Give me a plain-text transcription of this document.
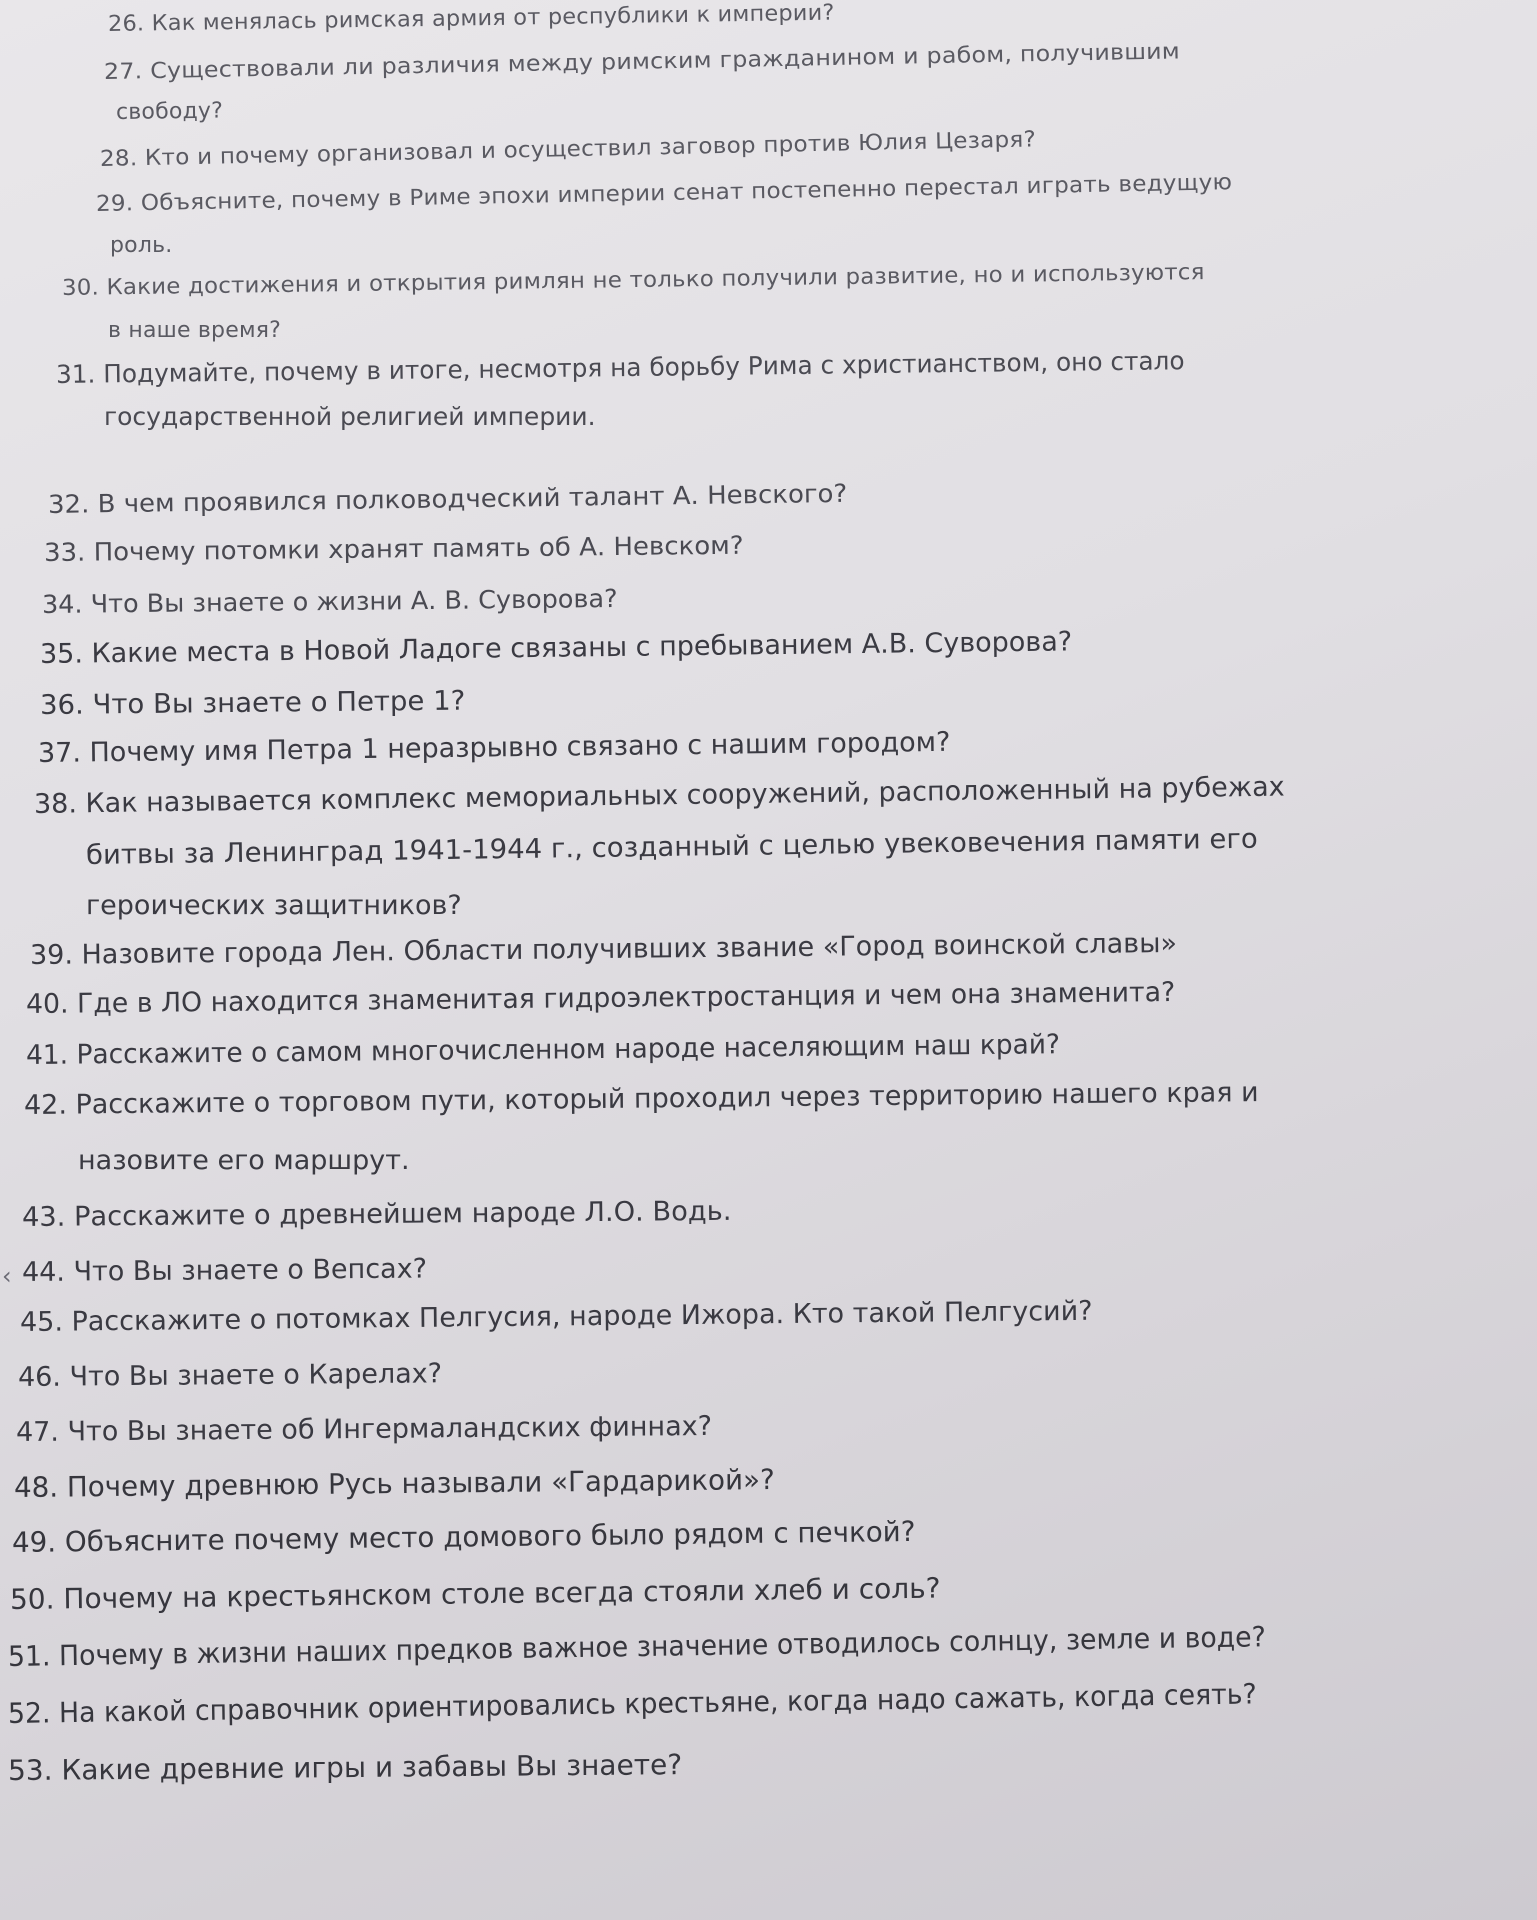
26. Как менялась римская армия от республики к империи?

27. Существовали ли различия между римским гражданином и рабом, получившим

свободу?

28. Кто и почему организовал и осуществил заговор против Юлия Цезаря?

29. Объясните, почему в Риме эпохи империи сенат постепенно перестал играть ведущую

роль.

30. Какие достижения и открытия римлян не только получили развитие, но и используются

в наше время?

31. Подумайте, почему в итоге, несмотря на борьбу Рима с христианством, оно стало

государственной религией империи.

32. В чем проявился полководческий талант А. Невского?

33. Почему потомки хранят память об А. Невском?

34. Что Вы знаете о жизни А. В. Суворова?

35. Какие места в Новой Ладоге связаны с пребыванием А.В. Суворова?

36. Что Вы знаете о Петре 1?

37. Почему имя Петра 1 неразрывно связано с нашим городом?

38. Как называется комплекс мемориальных сооружений, расположенный на рубежах

битвы за Ленинград 1941-1944 г., созданный с целью увековечения памяти его

героических защитников?

39. Назовите города Лен. Области получивших звание «Город воинской славы»

40. Где в ЛО находится знаменитая гидроэлектростанция и чем она знаменита?

41. Расскажите о самом многочисленном народе населяющим наш край?

42. Расскажите о торговом пути, который проходил через территорию нашего края и

назовите его маршрут.

43. Расскажите о древнейшем народе Л.О. Водь.

44. Что Вы знаете о Вепсах?

45. Расскажите о потомках Пелгусия, народе Ижора. Кто такой Пелгусий?

46. Что Вы знаете о Карелах?

47. Что Вы знаете об Ингермаландских финнах?

48. Почему древнюю Русь называли «Гардарикой»?

49. Объясните почему место домового было рядом с печкой?

50. Почему на крестьянском столе всегда стояли хлеб и соль?

51. Почему в жизни наших предков важное значение отводилось солнцу, земле и воде?

52. На какой справочник ориентировались крестьяне, когда надо сажать, когда сеять?

53. Какие древние игры и забавы Вы знаете?

‹
